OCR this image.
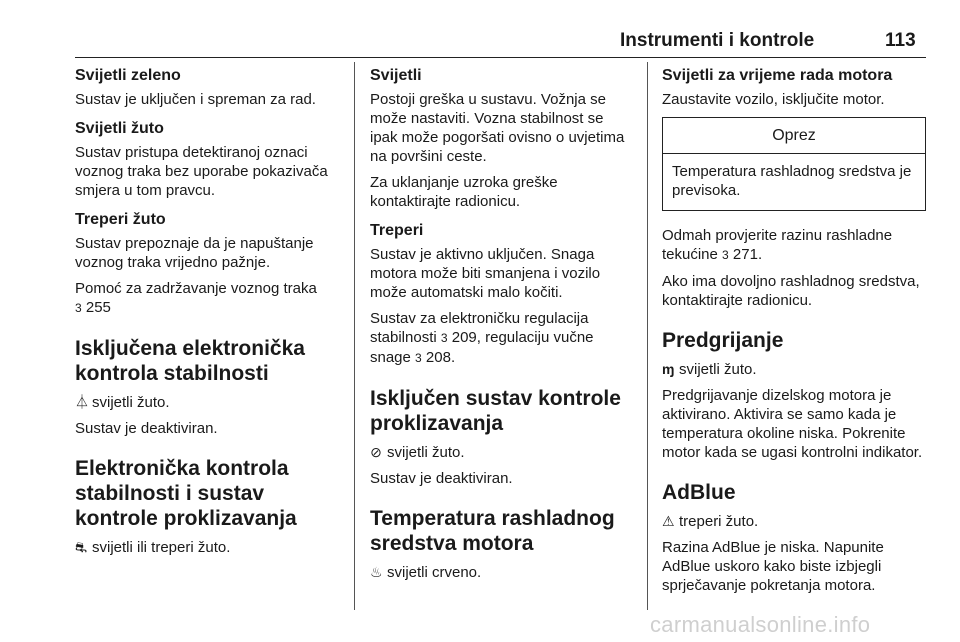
Instrumenti i kontrole	113
Svijetli zeleno
Sustav je uključen i spreman za rad.
Svijetli žuto
Sustav pristupa detektiranoj oznaci voznog traka bez uporabe pokazivača smjera u tom pravcu.
Treperi žuto
Sustav prepoznaje da je napuštanje voznog traka vrijedno pažnje.
Pomoć za zadržavanje voznog traka
3 255
Isključena elektronička kontrola stabilnosti
⏃ svijetli žuto.
Sustav je deaktiviran.
Elektronička kontrola stabilnosti i sustav kontrole proklizavanja
⛐ svijetli ili treperi žuto.
Svijetli
Postoji greška u sustavu. Vožnja se može nastaviti. Vozna stabilnost se ipak može pogoršati ovisno o uvjetima na površini ceste.
Za uklanjanje uzroka greške kontaktirajte radionicu.
Treperi
Sustav je aktivno uključen. Snaga motora može biti smanjena i vozilo može automatski malo kočiti.
Sustav za elektroničku regulacija stabilnosti 3 209, regulaciju vučne snage 3 208.
Isključen sustav kontrole proklizavanja
⊘ svijetli žuto.
Sustav je deaktiviran.
Temperatura rashladnog sredstva motora
♨ svijetli crveno.
Svijetli za vrijeme rada motora
Zaustavite vozilo, isključite motor.
Oprez
Temperatura rashladnog sredstva je previsoka.
Odmah provjerite razinu rashladne tekućine 3 271.
Ako ima dovoljno rashladnog sredstva, kontaktirajte radionicu.
Predgrijanje
ɱ svijetli žuto.
Predgrijavanje dizelskog motora je aktivirano. Aktivira se samo kada je temperatura okoline niska. Pokrenite motor kada se ugasi kontrolni indikator.
AdBlue
⚠ treperi žuto.
Razina AdBlue je niska. Napunite AdBlue uskoro kako biste izbjegli sprječavanje pokretanja motora.
carmanualsonline.info
